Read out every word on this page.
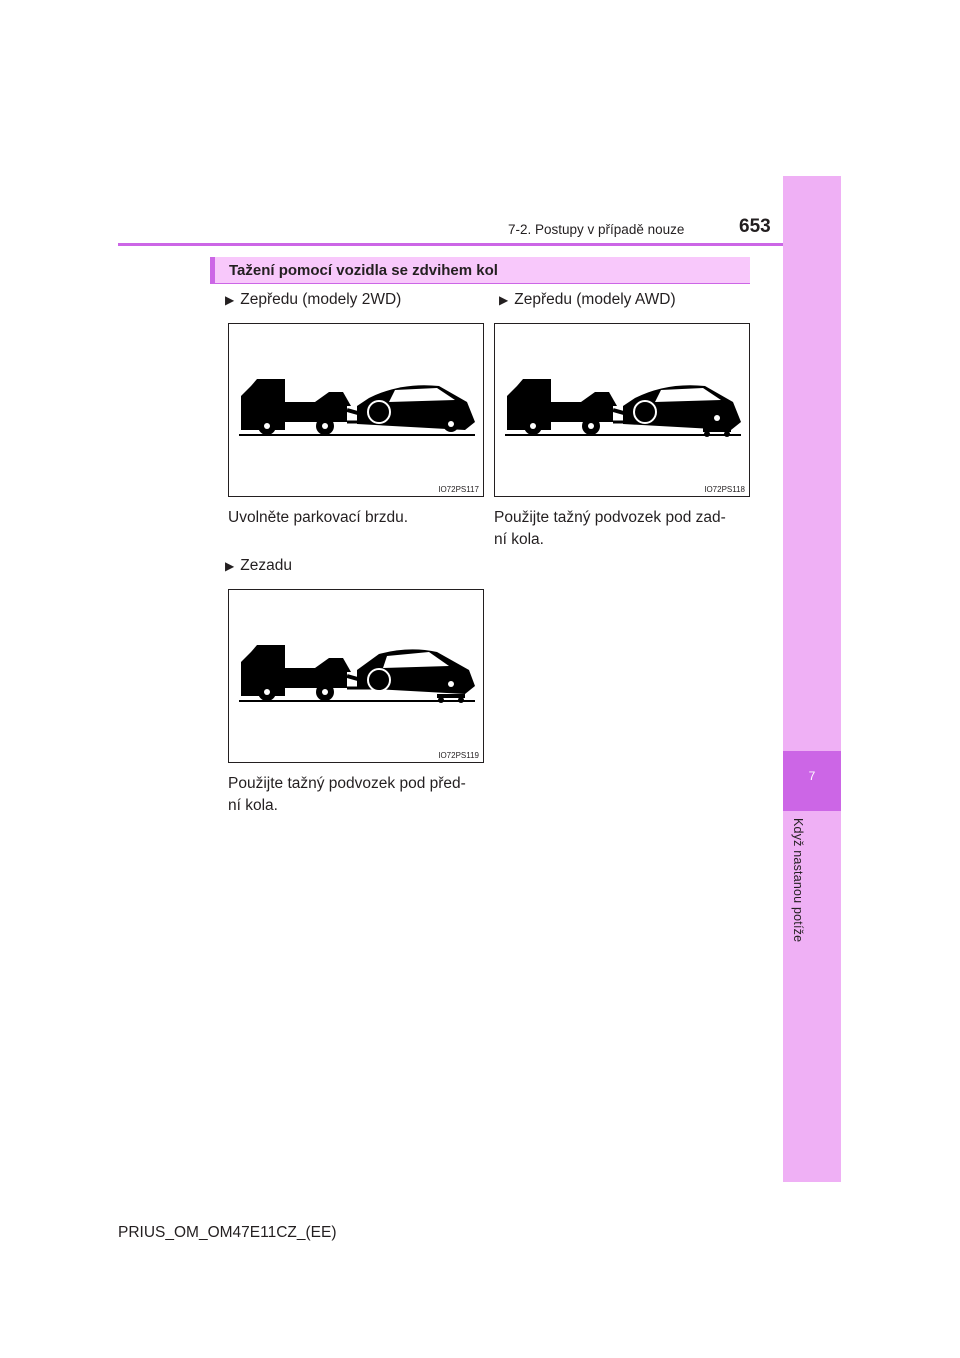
7
Když nastanou potíže
7-2. Postupy v případě nouze	653
Tažení pomocí vozidla se zdvihem kol
▶ Zepředu (modely 2WD)
IO72PS117
Uvolněte parkovací brzdu.
▶ Zepředu (modely AWD)
IO72PS118
Použijte tažný podvozek pod zad-
ní kola.
▶ Zezadu
IO72PS119
Použijte tažný podvozek pod před-
ní kola.
PRIUS_OM_OM47E11CZ_(EE)
